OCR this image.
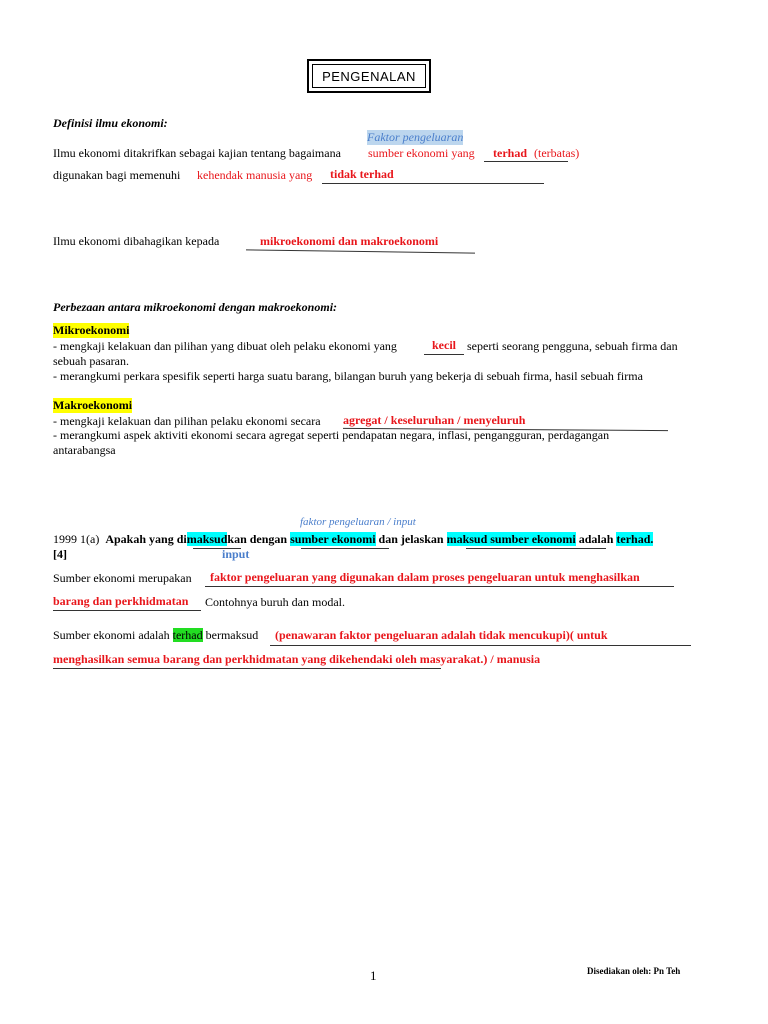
PENGENALAN
Definisi ilmu ekonomi:
Faktor pengeluaran
Ilmu ekonomi ditakrifkan sebagai kajian tentang bagaimana sumber ekonomi yang terhad (terbatas)
digunakan bagi memenuhi kehendak manusia yang tidak terhad
Ilmu ekonomi dibahagikan kepada	mikroekonomi dan makroekonomi
Perbezaan antara mikroekonomi dengan makroekonomi:
Mikroekonomi
- mengkaji kelakuan dan pilihan yang dibuat oleh pelaku ekonomi yang	kecil seperti seorang pengguna, sebuah firma dan
sebuah pasaran.
- merangkumi perkara spesifik seperti harga suatu barang, bilangan buruh yang bekerja di sebuah firma, hasil sebuah firma
Makroekonomi
- mengkaji kelakuan dan pilihan pelaku ekonomi secara agregat / keseluruhan / menyeluruh
- merangkumi aspek aktiviti ekonomi secara agregat seperti pendapatan negara, inflasi, pengangguran, perdagangan
antarabangsa
faktor pengeluaran / input
1999 1(a) Apakah yang dimaksudkan dengan sumber ekonomi dan jelaskan maksud sumber ekonomi adalah terhad.
[4]	input
Sumber ekonomi merupakan faktor pengeluaran yang digunakan dalam proses pengeluaran untuk menghasilkan
barang dan perkhidmatan Contohnya buruh dan modal.
Sumber ekonomi adalah terhad bermaksud (penawaran faktor pengeluaran adalah tidak mencukupi)( untuk
menghasilkan semua barang dan perkhidmatan yang dikehendaki oleh masyarakat.) / manusia
1	Disediakan oleh: Pn Teh
